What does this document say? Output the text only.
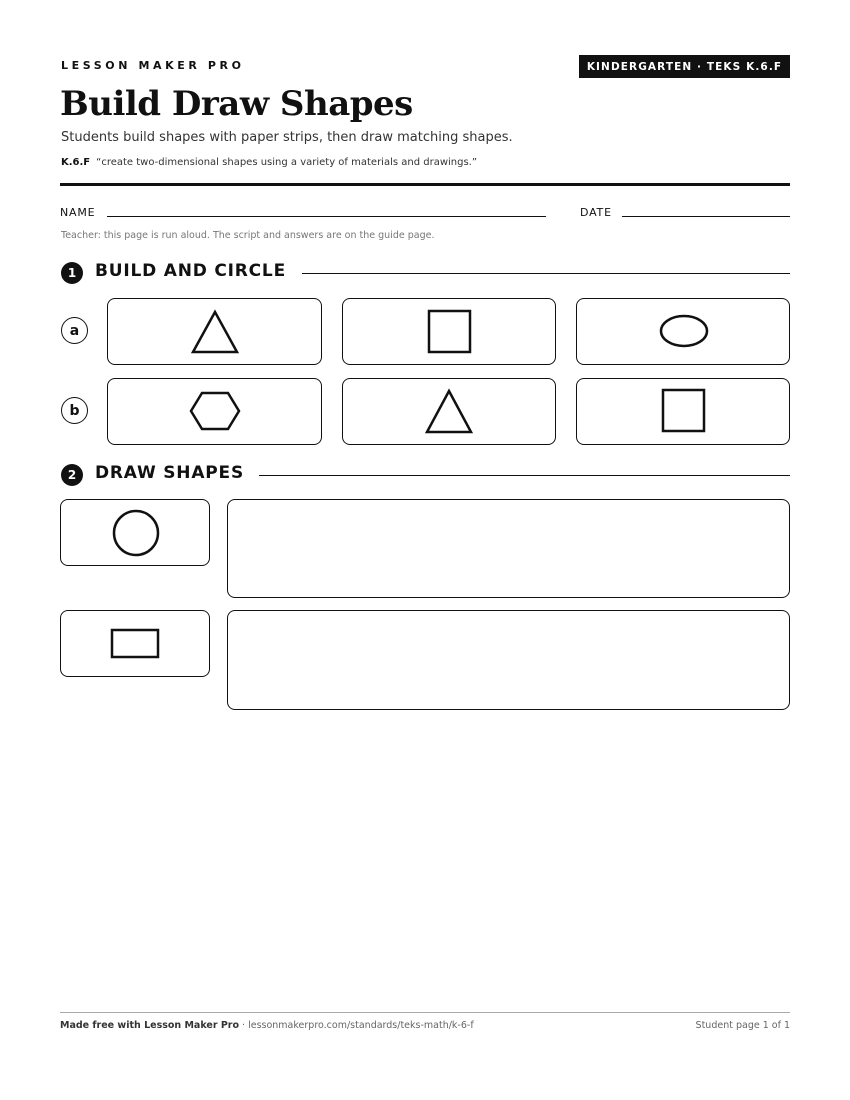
LESSON MAKER PRO	KINDERGARTEN · TEKS K.6.F
Build Draw Shapes
Students build shapes with paper strips, then draw matching shapes.
K.6.F “create two-dimensional shapes using a variety of materials and drawings.”
NAME	DATE
Teacher: this page is run aloud. The script and answers are on the guide page.
1	BUILD AND CIRCLE
a
b
2	DRAW SHAPES
Made free with Lesson Maker Pro · lessonmakerpro.com/standards/teks-math/k-6-f	Student page 1 of 1
